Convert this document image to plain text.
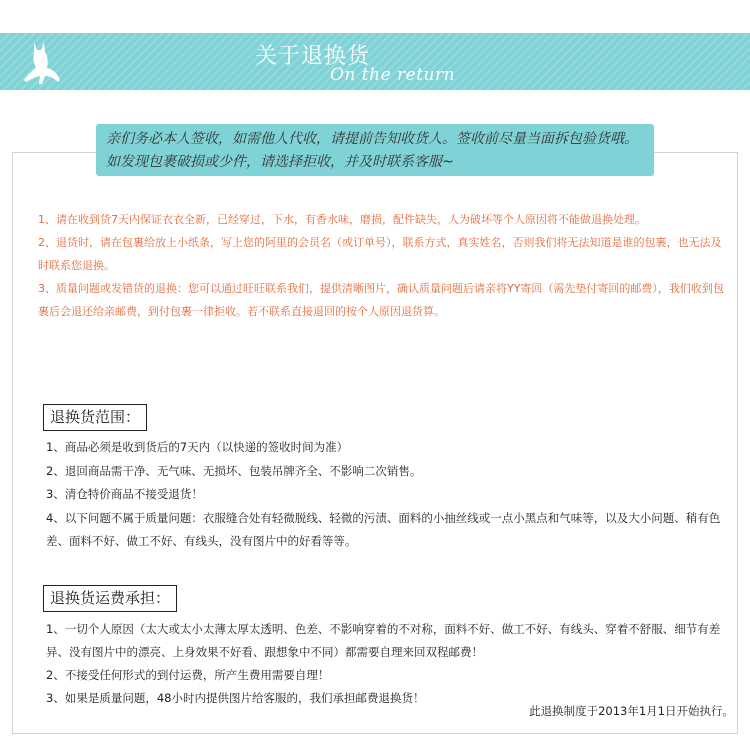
关于退换货
On the return
亲们务必本人签收，如需他人代收，请提前告知收货人。签收前尽量当面拆包验货哦。如发现包裹破损或少件，请选择拒收，并及时联系客服~

1、请在收到货7天内保证衣衣全新，已经穿过，下水，有香水味，磨损，配件缺失，人为破坏等个人原因将不能做退换处理。

2、退货时，请在包裹给放上小纸条，写上您的阿里的会员名（或订单号），联系方式，真实姓名，否则我们将无法知道是谁的包裹，也无法及时联系您退换。

3、质量问题或发错货的退换：您可以通过旺旺联系我们，提供清晰图片，确认质量问题后请亲将YY寄回（需先垫付寄回的邮费），我们收到包裹后会退还给亲邮费，到付包裹一律拒收。若不联系直接退回的按个人原因退货算。

退换货范围：

1、商品必须是收到货后的7天内（以快递的签收时间为准）

2、退回商品需干净、无气味、无损坏、包装吊牌齐全、不影响二次销售。

3、清仓特价商品不接受退货！

4、以下问题不属于质量问题：衣服缝合处有轻微脱线、轻微的污渍、面料的小抽丝线或一点小黑点和气味等，以及大小问题、稍有色差、面料不好、做工不好、有线头，没有图片中的好看等等。

退换货运费承担：

1、一切个人原因（太大或太小太薄太厚太透明、色差、不影响穿着的不对称，面料不好、做工不好、有线头、穿着不舒服、细节有差异、没有图片中的漂亮、上身效果不好看、跟想象中不同）都需要自理来回双程邮费！

2、不接受任何形式的到付运费，所产生费用需要自理！

3、如果是质量问题，48小时内提供图片给客服的，我们承担邮费退换货！

此退换制度于2013年1月1日开始执行。
